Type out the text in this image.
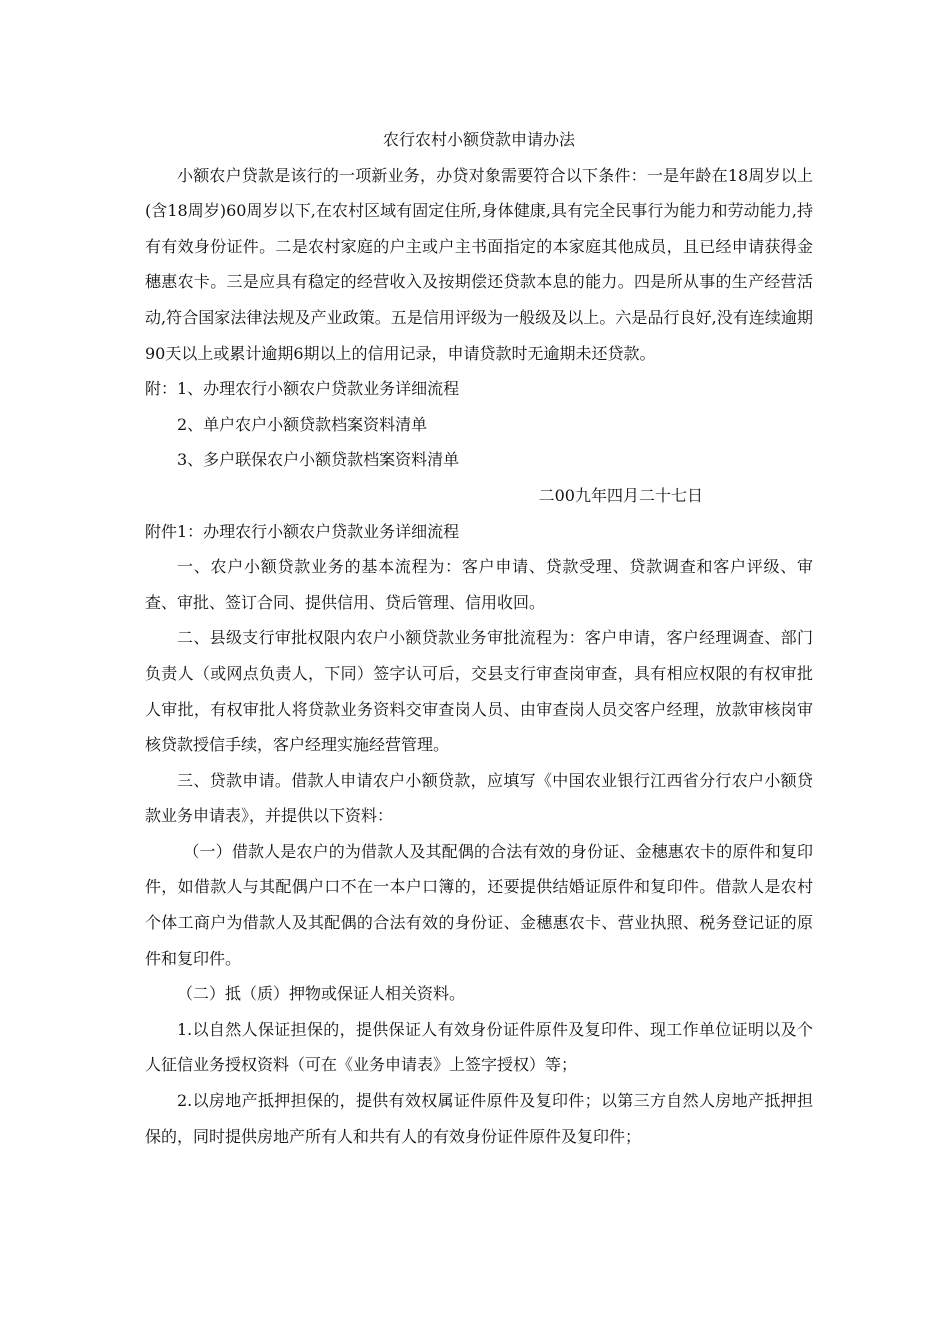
农行农村小额贷款申请办法

小额农户贷款是该行的一项新业务，办贷对象需要符合以下条件：一是年龄在18周岁以上(含18周岁)60周岁以下,在农村区域有固定住所,身体健康,具有完全民事行为能力和劳动能力,持有有效身份证件。二是农村家庭的户主或户主书面指定的本家庭其他成员，且已经申请获得金穗惠农卡。三是应具有稳定的经营收入及按期偿还贷款本息的能力。四是所从事的生产经营活动,符合国家法律法规及产业政策。五是信用评级为一般级及以上。六是品行良好,没有连续逾期90天以上或累计逾期6期以上的信用记录，申请贷款时无逾期未还贷款。

附：1、办理农行小额农户贷款业务详细流程

2、单户农户小额贷款档案资料清单

3、多户联保农户小额贷款档案资料清单

二00九年四月二十七日

附件1：办理农行小额农户贷款业务详细流程

一、农户小额贷款业务的基本流程为：客户申请、贷款受理、贷款调查和客户评级、审查、审批、签订合同、提供信用、贷后管理、信用收回。

二、县级支行审批权限内农户小额贷款业务审批流程为：客户申请，客户经理调查、部门负责人（或网点负责人，下同）签字认可后，交县支行审查岗审查，具有相应权限的有权审批人审批，有权审批人将贷款业务资料交审查岗人员、由审查岗人员交客户经理，放款审核岗审核贷款授信手续，客户经理实施经营管理。

三、贷款申请。借款人申请农户小额贷款，应填写《中国农业银行江西省分行农户小额贷款业务申请表》，并提供以下资料：

（一）借款人是农户的为借款人及其配偶的合法有效的身份证、金穗惠农卡的原件和复印件，如借款人与其配偶户口不在一本户口簿的，还要提供结婚证原件和复印件。借款人是农村个体工商户为借款人及其配偶的合法有效的身份证、金穗惠农卡、营业执照、税务登记证的原件和复印件。

（二）抵（质）押物或保证人相关资料。

1.以自然人保证担保的，提供保证人有效身份证件原件及复印件、现工作单位证明以及个人征信业务授权资料（可在《业务申请表》上签字授权）等；

2.以房地产抵押担保的，提供有效权属证件原件及复印件；以第三方自然人房地产抵押担保的，同时提供房地产所有人和共有人的有效身份证件原件及复印件；
